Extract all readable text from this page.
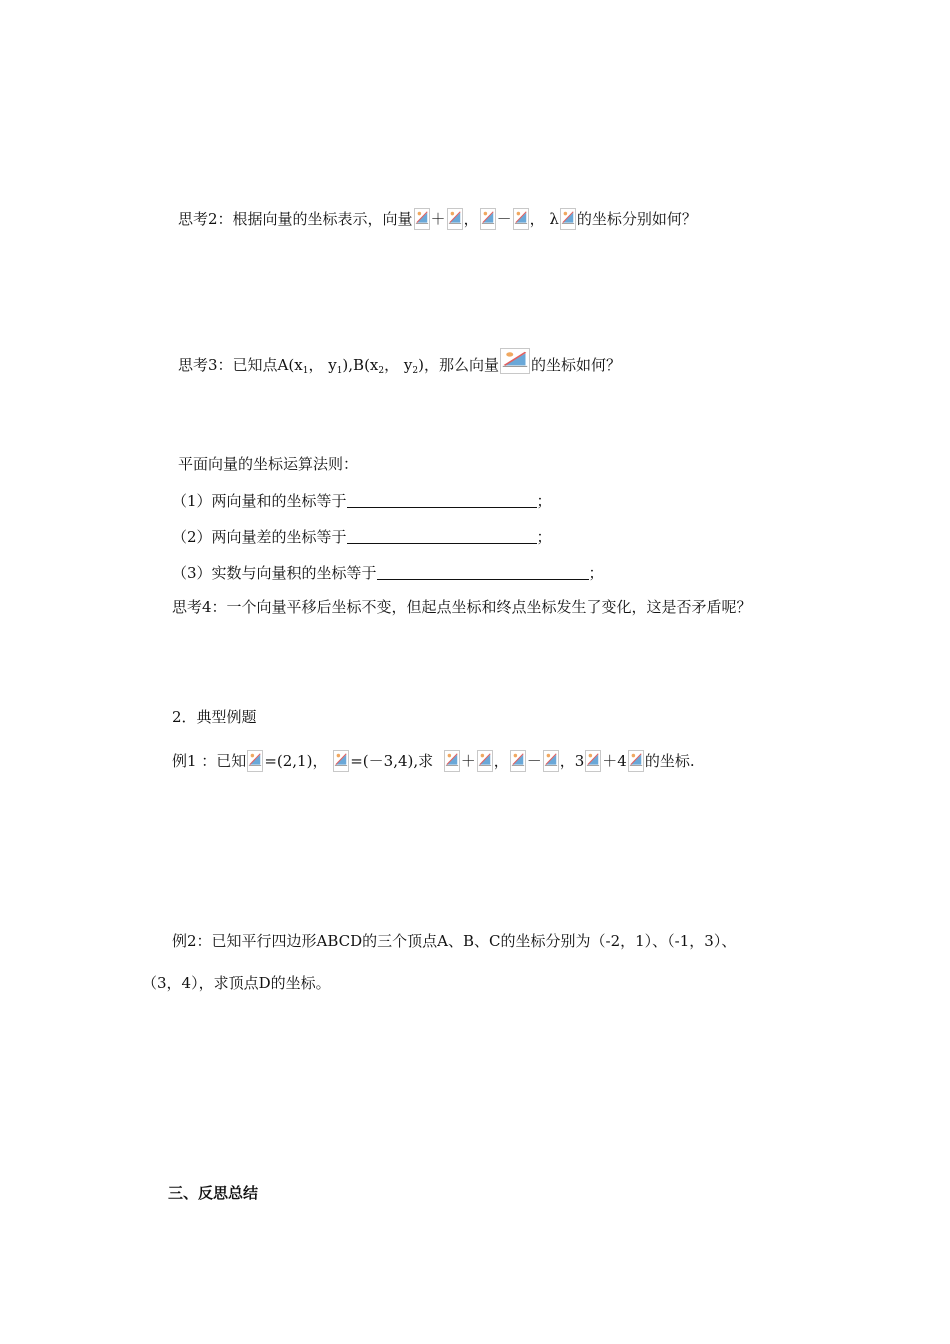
思考2：根据向量的坐标表示，向量 ＋ ， － ， λ 的坐标分别如何？
思考3：已知点$A(x_1$， $y_1),B(x_2$， $y_2$)，那么向量 的坐标如何？
平面向量的坐标运算法则：
（1）两向量和的坐标等于	；
（2）两向量差的坐标等于	；
（3）实数与向量积的坐标等于	；
思考4：一个向量平移后坐标不变，但起点坐标和终点坐标发生了变化，这是否矛盾呢？
2．典型例题
例1 ：已知 =(2,1)， =(－3,4),求 ＋ ， － ，3 ＋4 的坐标.
例2：已知平行四边形ABCD的三个顶点A、B、C的坐标分别为（-2，1）、（-1，3）、
（3，4），求顶点D的坐标。
三、反思总结
